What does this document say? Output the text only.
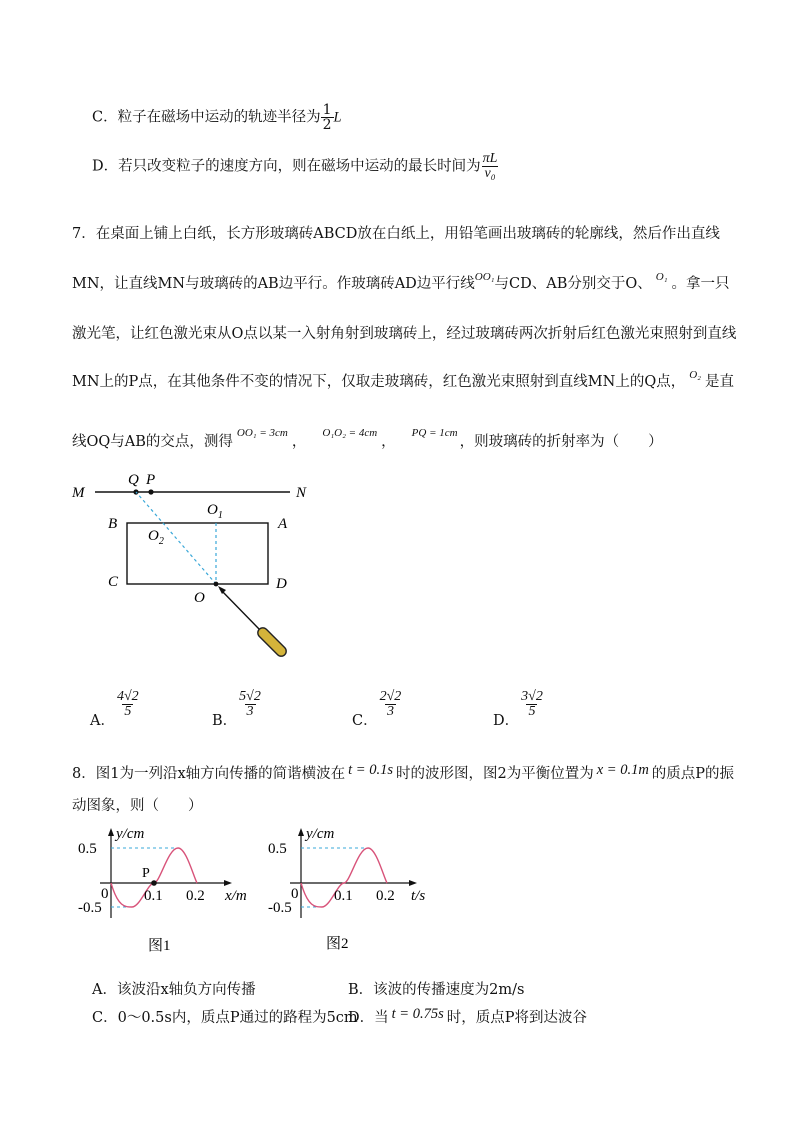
C．粒子在磁场中运动的轨迹半径为 $\frac{1}{2}$ L
D．若只改变粒子的速度方向，则在磁场中运动的最长时间为 $\frac{\pi L}{\text{v₀}}$
7．在桌面上铺上白纸，长方形玻璃砖ABCD放在白纸上，用铅笔画出玻璃砖的轮廓线，然后作出直线
MN，让直线MN与玻璃砖的AB边平行。作玻璃砖AD边平行线$^{OO_1}$与CD、AB分别交于O、 $^{O_1}$ 。拿一只
激光笔，让红色激光束从O点以某一入射角射到玻璃砖上，经过玻璃砖两次折射后红色激光束照射到直线
MN上的P点，在其他条件不变的情况下，仅取走玻璃砖，红色激光束照射到直线MN上的Q点， $^{O_2}$ 是直
线OQ与AB的交点，测得$^{OO_1 = 3cm}$，$^{O_1O_2 = 4cm}$，$^{PQ = 1cm}$，则玻璃砖的折射率为（　　）
M	N
Q P
B	A
C	D
O
$O_1$
$O_2$
A．
$\frac{4√2}{5}$
B．
$\frac{5√2}{3}$
C．
$\frac{2√2}{3}$
D．
$\frac{3√2}{5}$
8．图1为一列沿x轴方向传播的简谐横波在 t = 0.1s 时的波形图，图2为平衡位置为 x = 0.1m 的质点P的振
动图象，则（　　）
y/cm
0.5
-0.5
0 0.1 0.2
P
x/m
图1
y/cm
0.5
-0.5
0 0.1 0.2 t/s
图2
A．该波沿x轴负方向传播	B．该波的传播速度为2m/s
C．0～0.5s内，质点P通过的路程为5cm
D．当 t = 0.75s 时，质点P将到达波谷
